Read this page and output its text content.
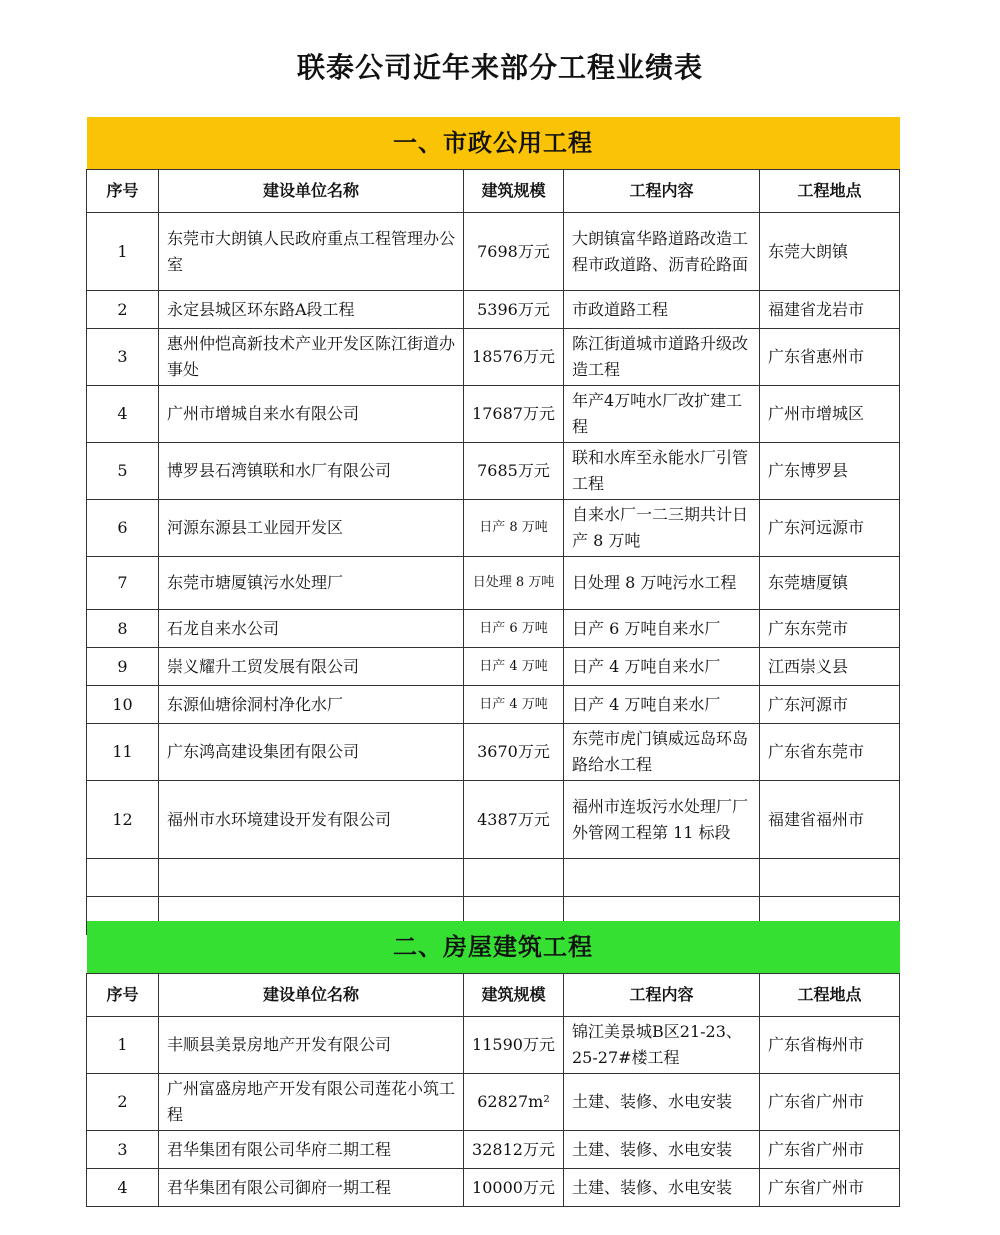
联泰公司近年来部分工程业绩表
一、市政公用工程				
序号	建设单位名称	建筑规模	工程内容	工程地点
1	东莞市大朗镇人民政府重点工程管理办公室	7698万元	大朗镇富华路道路改造工程市政道路、沥青砼路面	东莞大朗镇
2	永定县城区环东路A段工程	5396万元	市政道路工程	福建省龙岩市
3	惠州仲恺高新技术产业开发区陈江街道办事处	18576万元	陈江街道城市道路升级改造工程	广东省惠州市
4	广州市增城自来水有限公司	17687万元	年产4万吨水厂改扩建工程	广州市增城区
5	博罗县石湾镇联和水厂有限公司	7685万元	联和水库至永能水厂引管工程	广东博罗县
6	河源东源县工业园开发区	日产 8 万吨	自来水厂一二三期共计日产 8 万吨	广东河远源市
7	东莞市塘厦镇污水处理厂	日处理 8 万吨	日处理 8 万吨污水工程	东莞塘厦镇
8	石龙自来水公司	日产 6 万吨	日产 6 万吨自来水厂	广东东莞市
9	崇义耀升工贸发展有限公司	日产 4 万吨	日产 4 万吨自来水厂	江西崇义县
10	东源仙塘徐洞村净化水厂	日产 4 万吨	日产 4 万吨自来水厂	广东河源市
11	广东鸿高建设集团有限公司	3670万元	东莞市虎门镇威远岛环岛路给水工程	广东省东莞市
12	福州市水环境建设开发有限公司	4387万元	福州市连坂污水处理厂厂外管网工程第 11 标段	福建省福州市

二、房屋建筑工程				
序号	建设单位名称	建筑规模	工程内容	工程地点
1	丰顺县美景房地产开发有限公司	11590万元	锦江美景城B区21-23、25-27#楼工程	广东省梅州市
2	广州富盛房地产开发有限公司莲花小筑工程	62827m²	土建、装修、水电安装	广东省广州市
3	君华集团有限公司华府二期工程	32812万元	土建、装修、水电安装	广东省广州市
4	君华集团有限公司御府一期工程	10000万元	土建、装修、水电安装	广东省广州市
